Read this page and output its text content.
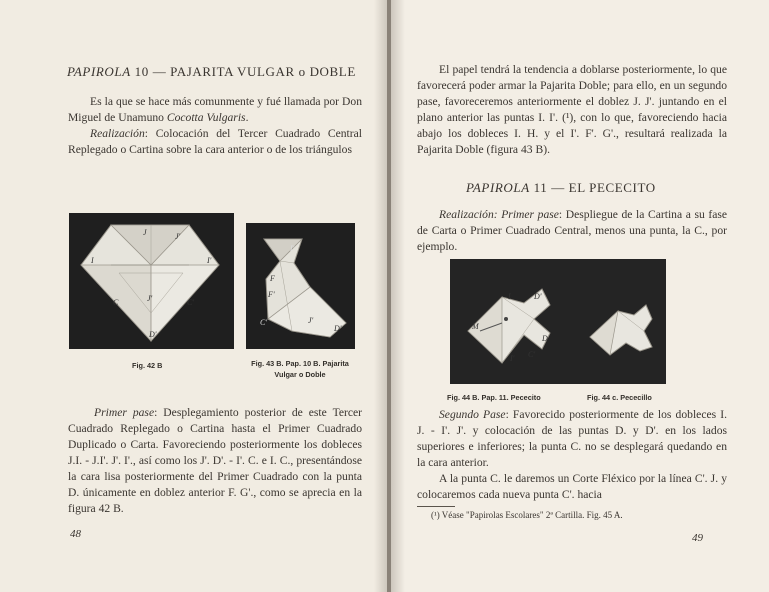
PAPIROLA 10 — PAJARITA VULGAR o DOBLE

Es la que se hace más comunmente y fué llamada por Don Miguel de Unamuno Cocotta Vulgaris.

Realización: Colocación del Tercer Cuadrado Central Replegado o Cartina sobre la cara anterior o de los triángulos

J	J'
I	I'
C	C'
J'
D'
I'
F
F'
C'	J'
D'
Fig. 42 B	Fig. 43 B. Pap. 10 B. Pajarita
Vulgar o Doble

Primer pase: Desplegamiento posterior de este Tercer Cuadrado Replegado o Cartina hasta el Primer Cuadrado Duplicado o Carta. Favoreciendo posteriormente los dobleces J.I. - J.I'. J'. I'., así como los J'. D'. - I'. C. e I. C., presentándose la cara lisa posteriormente del Primer Cuadrado con la punta D. únicamente en doblez anterior F. G'., como se aprecia en la figura 42 B.

48

El papel tendrá la tendencia a doblarse posteriormente, lo que favorecerá poder armar la Pajarita Doble; para ello, en un segundo pase, favoreceremos anteriormente el doblez J. J'. juntando en el plano anterior las puntas I. I'. (¹), con lo que, favoreciendo hacia abajo los dobleces I. H. y el I'. F'. G'., resultará realizada la Pajarita Doble (figura 43 B).

PAPIROLA 11 — EL PECECITO

Realización: Primer pase: Despliegue de la Cartina a su fase de Carta o Primer Cuadrado Central, menos una punta, la C., por ejemplo.

I	D'
M
I' C'
D
Fig. 44 B. Pap. 11. Pececito	Fig. 44 c. Pececillo

Segundo Pase: Favorecido posteriormente de los dobleces I. J. - I'. J'. y colocación de las puntas D. y D'. en los lados superiores e inferiores; la punta C. no se desplegará quedando en la cara anterior.

A la punta C. le daremos un Corte Fléxico por la línea C'. J. y colocaremos cada nueva punta C'. hacia

(¹) Véase "Papirolas Escolares" 2ª Cartilla. Fig. 45 A.
49
